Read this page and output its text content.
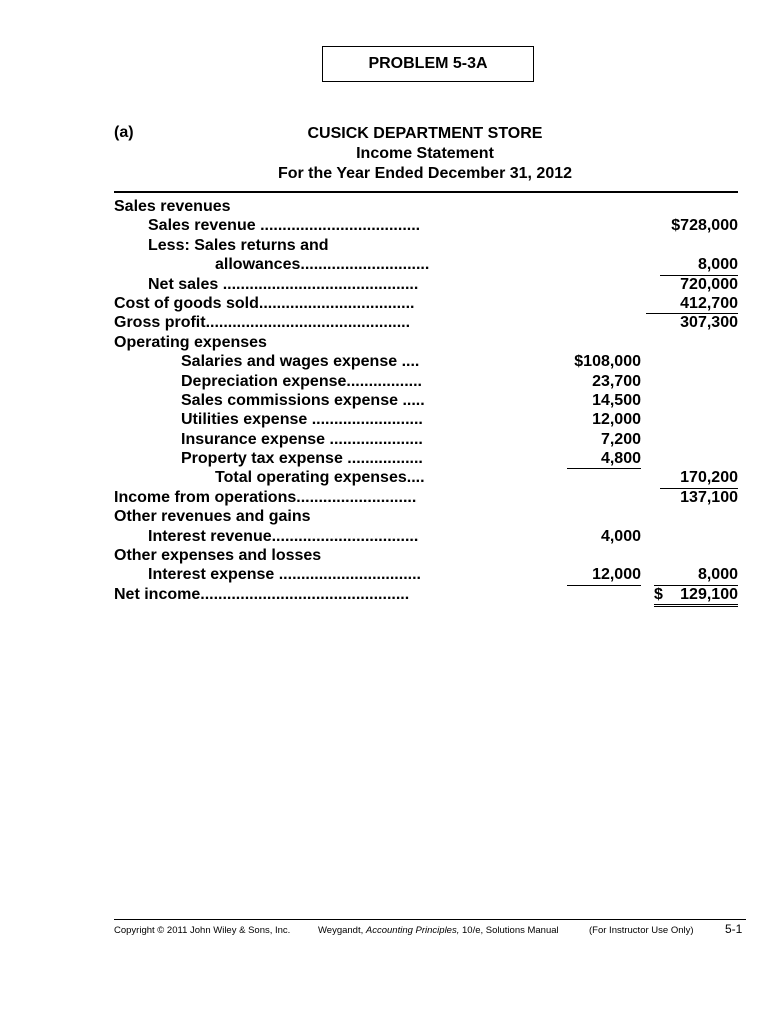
PROBLEM 5-3A
(a)	CUSICK DEPARTMENT STORE
Income Statement
For the Year Ended December 31, 2012
Sales revenues
Sales revenue ....................................	$728,000
Less: Sales returns and
allowances.............................	8,000
Net sales ............................................	720,000
Cost of goods sold...................................	412,700
Gross profit..............................................	307,300
Operating expenses
Salaries and wages expense ....	$108,000
Depreciation expense.................	23,700
Sales commissions expense .....	14,500
Utilities expense .........................	12,000
Insurance expense .....................	7,200
Property tax expense .................	4,800
Total operating expenses....	170,200
Income from operations...........................	137,100
Other revenues and gains
Interest revenue.................................	4,000
Other expenses and losses
Interest expense ................................	12,000	8,000
Net income...............................................	$ 129,100
Copyright © 2011 John Wiley & Sons, Inc.	Weygandt, Accounting Principles, 10/e, Solutions Manual	(For Instructor Use Only)	5-1
